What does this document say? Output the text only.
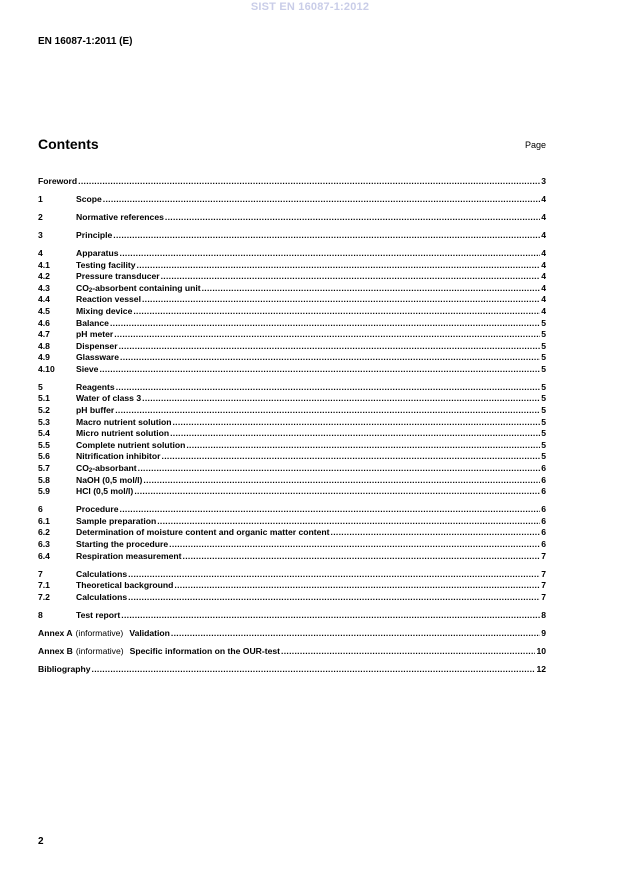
SIST EN 16087-1:2012
EN 16087-1:2011 (E)
Contents	Page
Foreword .....	3
1	Scope .....	4
2	Normative references .....	4
3	Principle .....	4
4	Apparatus .....	4
4.1	Testing facility .....	4
4.2	Pressure transducer .....	4
4.3	$CO_2$-absorbent containing unit .....	4
4.4	Reaction vessel .....	4
4.5	Mixing device .....	4
4.6	Balance .....	5
4.7	pH meter .....	5
4.8	Dispenser .....	5
4.9	Glassware .....	5
4.10	Sieve .....	5
5	Reagents .....	5
5.1	Water of class 3 .....	5
5.2	pH buffer .....	5
5.3	Macro nutrient solution .....	5
5.4	Micro nutrient solution .....	5
5.5	Complete nutrient solution .....	5
5.6	Nitrification inhibitor .....	5
5.7	$CO_2$-absorbant .....	6
5.8	NaOH (0,5 mol/l) .....	6
5.9	HCl (0,5 mol/l) .....	6
6	Procedure .....	6
6.1	Sample preparation .....	6
6.2	Determination of moisture content and organic matter content .....	6
6.3	Starting the procedure .....	6
6.4	Respiration measurement .....	7
7	Calculations .....	7
7.1	Theoretical background .....	7
7.2	Calculations .....	7
8	Test report .....	8
Annex A (informative) Validation .....	9
Annex B (informative) Specific information on the OUR-test .....	10
Bibliography .....	12
2
